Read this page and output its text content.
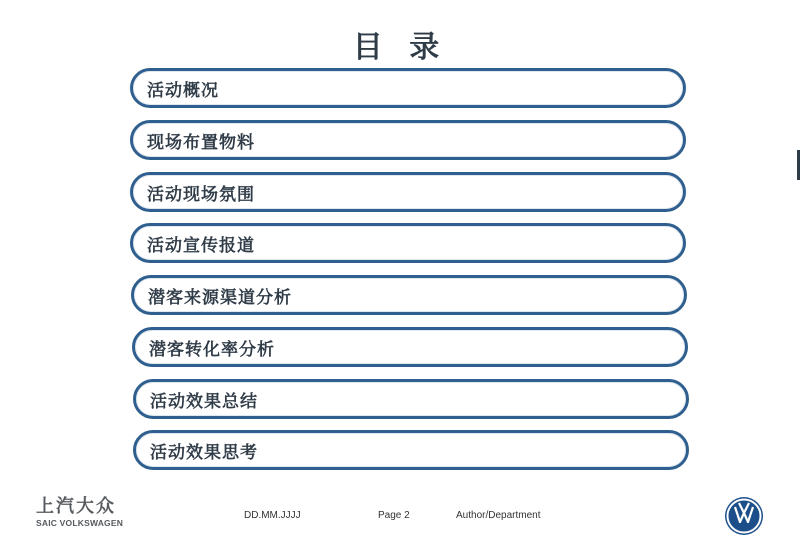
目 录
活动概况
现场布置物料
活动现场氛围
活动宣传报道
潜客来源渠道分析
潜客转化率分析
活动效果总结
活动效果思考
上汽大众
SAIC VOLKSWAGEN
DD.MM.JJJJ	Page 2	Author/Department
